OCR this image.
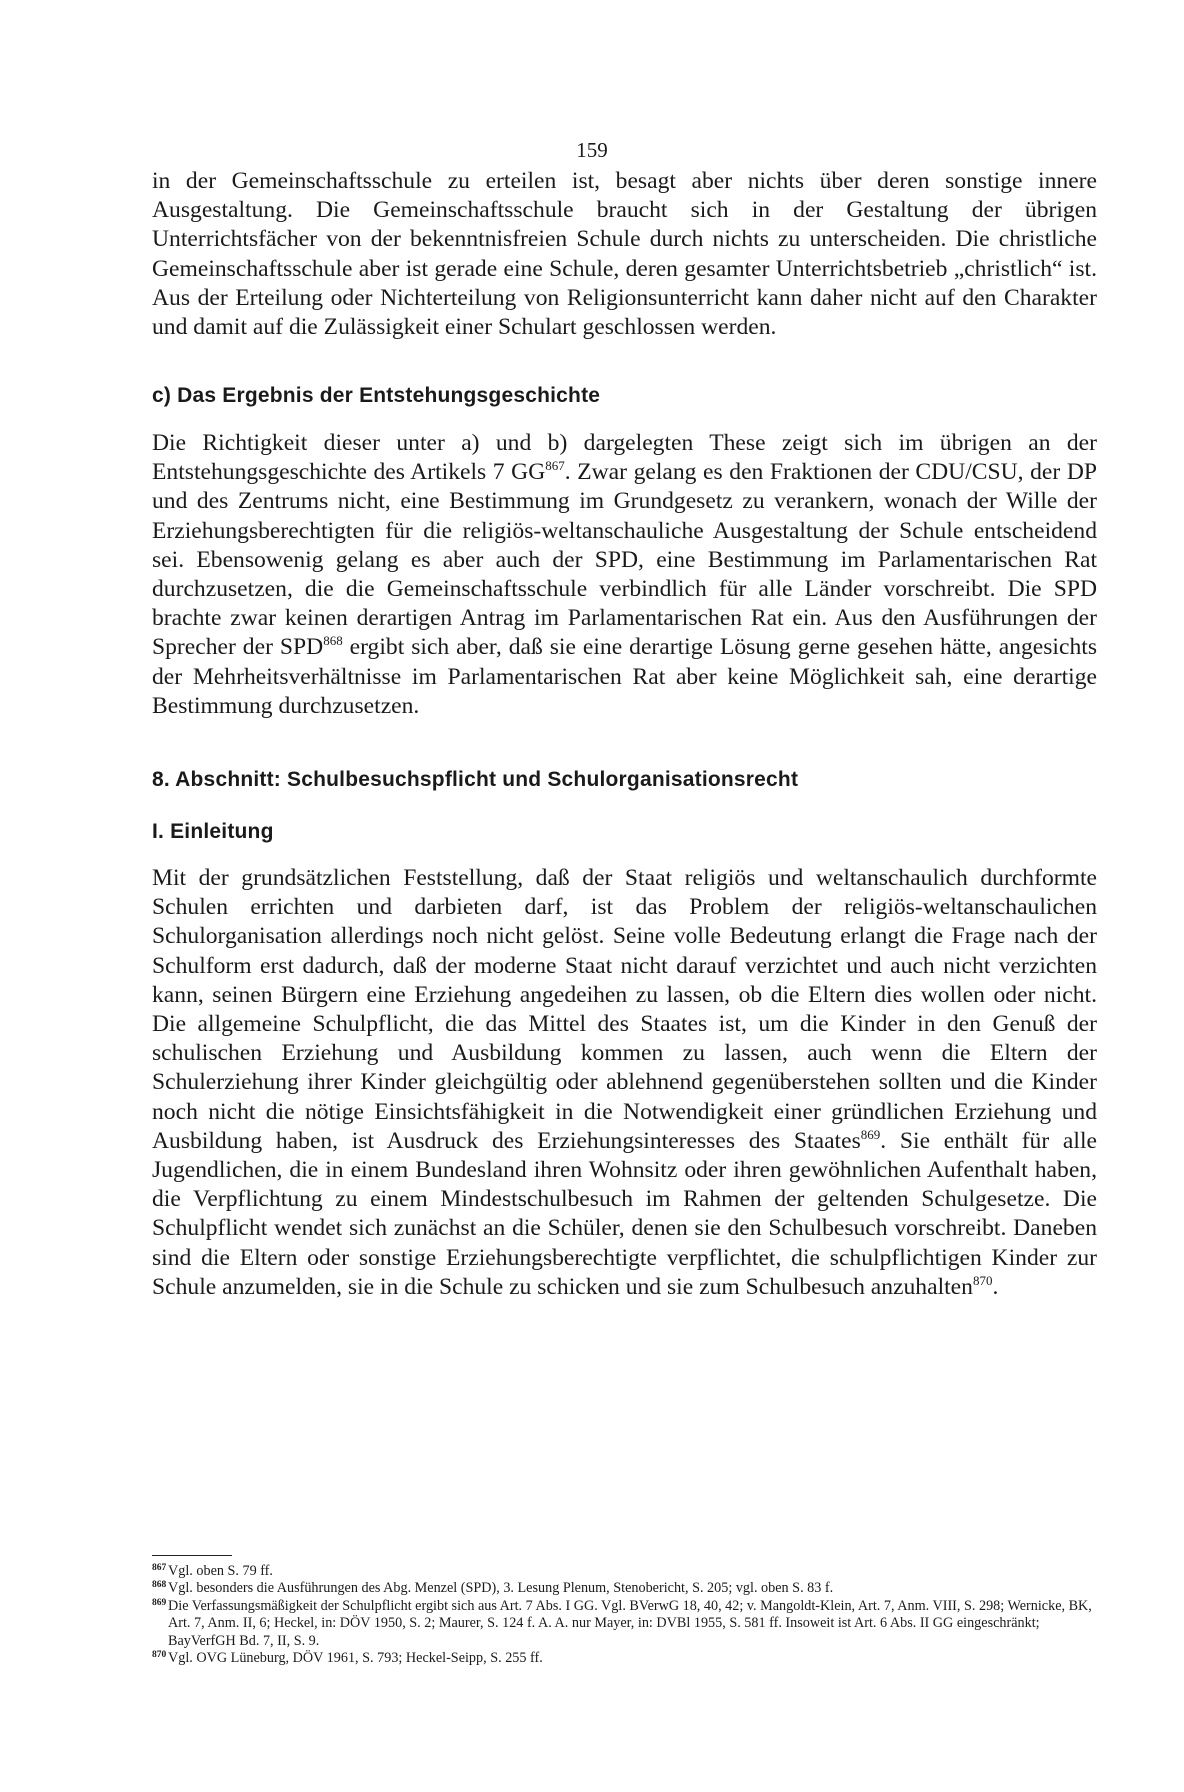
159

in der Gemeinschaftsschule zu erteilen ist, besagt aber nichts über deren sonstige innere Ausgestaltung. Die Gemeinschaftsschule braucht sich in der Gestaltung der übrigen Unterrichtsfächer von der bekenntnisfreien Schule durch nichts zu unterscheiden. Die christliche Gemeinschaftsschule aber ist gerade eine Schule, deren gesamter Unterrichtsbetrieb „christlich“ ist. Aus der Erteilung oder Nichterteilung von Religionsunterricht kann daher nicht auf den Charakter und damit auf die Zulässigkeit einer Schulart geschlossen werden.

c) Das Ergebnis der Entstehungsgeschichte

Die Richtigkeit dieser unter a) und b) dargelegten These zeigt sich im übrigen an der Entstehungsgeschichte des Artikels 7 GG$^{867}$. Zwar gelang es den Fraktionen der CDU/CSU, der DP und des Zentrums nicht, eine Bestimmung im Grundgesetz zu verankern, wonach der Wille der Erziehungsberechtigten für die religiös-weltanschauliche Ausgestaltung der Schule entscheidend sei. Ebensowenig gelang es aber auch der SPD, eine Bestimmung im Parlamentarischen Rat durchzusetzen, die die Gemeinschaftsschule verbindlich für alle Länder vorschreibt. Die SPD brachte zwar keinen derartigen Antrag im Parlamentarischen Rat ein. Aus den Ausführungen der Sprecher der SPD$^{868}$ ergibt sich aber, daß sie eine derartige Lösung gerne gesehen hätte, angesichts der Mehrheitsverhältnisse im Parlamentarischen Rat aber keine Möglichkeit sah, eine derartige Bestimmung durchzusetzen.

8. Abschnitt: Schulbesuchspflicht und Schulorganisationsrecht
I. Einleitung

Mit der grundsätzlichen Feststellung, daß der Staat religiös und weltanschaulich durchformte Schulen errichten und darbieten darf, ist das Problem der religiös-weltanschaulichen Schulorganisation allerdings noch nicht gelöst. Seine volle Bedeutung erlangt die Frage nach der Schulform erst dadurch, daß der moderne Staat nicht darauf verzichtet und auch nicht verzichten kann, seinen Bürgern eine Erziehung angedeihen zu lassen, ob die Eltern dies wollen oder nicht. Die allgemeine Schulpflicht, die das Mittel des Staates ist, um die Kinder in den Genuß der schulischen Erziehung und Ausbildung kommen zu lassen, auch wenn die Eltern der Schulerziehung ihrer Kinder gleichgültig oder ablehnend gegenüberstehen sollten und die Kinder noch nicht die nötige Einsichtsfähigkeit in die Notwendigkeit einer gründlichen Erziehung und Ausbildung haben, ist Ausdruck des Erziehungsinteresses des Staates$^{869}$. Sie enthält für alle Jugendlichen, die in einem Bundesland ihren Wohnsitz oder ihren gewöhnlichen Aufenthalt haben, die Verpflichtung zu einem Mindestschulbesuch im Rahmen der geltenden Schulgesetze. Die Schulpflicht wendet sich zunächst an die Schüler, denen sie den Schulbesuch vorschreibt. Daneben sind die Eltern oder sonstige Erziehungsberechtigte verpflichtet, die schulpflichtigen Kinder zur Schule anzumelden, sie in die Schule zu schicken und sie zum Schulbesuch anzuhalten$^{870}$.

867 Vgl. oben S. 79 ff.
868 Vgl. besonders die Ausführungen des Abg. Menzel (SPD), 3. Lesung Plenum, Stenobericht, S. 205; vgl. oben S. 83 f.
869 Die Verfassungsmäßigkeit der Schulpflicht ergibt sich aus Art. 7 Abs. I GG. Vgl. BVerwG 18, 40, 42; v. Mangoldt-Klein, Art. 7, Anm. VIII, S. 298; Wernicke, BK, Art. 7, Anm. II, 6; Heckel, in: DÖV 1950, S. 2; Maurer, S. 124 f. A. A. nur Mayer, in: DVBl 1955, S. 581 ff. Insoweit ist Art. 6 Abs. II GG eingeschränkt; BayVerfGH Bd. 7, II, S. 9.
870 Vgl. OVG Lüneburg, DÖV 1961, S. 793; Heckel-Seipp, S. 255 ff.
